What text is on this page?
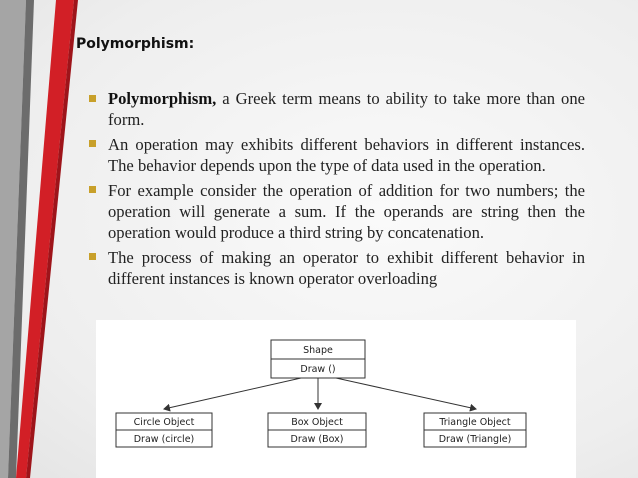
Polymorphism:
Polymorphism, a Greek term means to ability to take more than one form.
An operation may exhibits different behaviors in different instances. The behavior depends upon the type of data used in the operation.
For example consider the operation of addition for two numbers; the operation will generate a sum. If the operands are string then the operation would produce a third string by concatenation.
The process of making an operator to exhibit different behavior in different instances is known operator overloading
Shape
Draw ()
Circle Object
Draw (circle)
Box Object
Draw (Box)
Triangle Object
Draw (Triangle)
